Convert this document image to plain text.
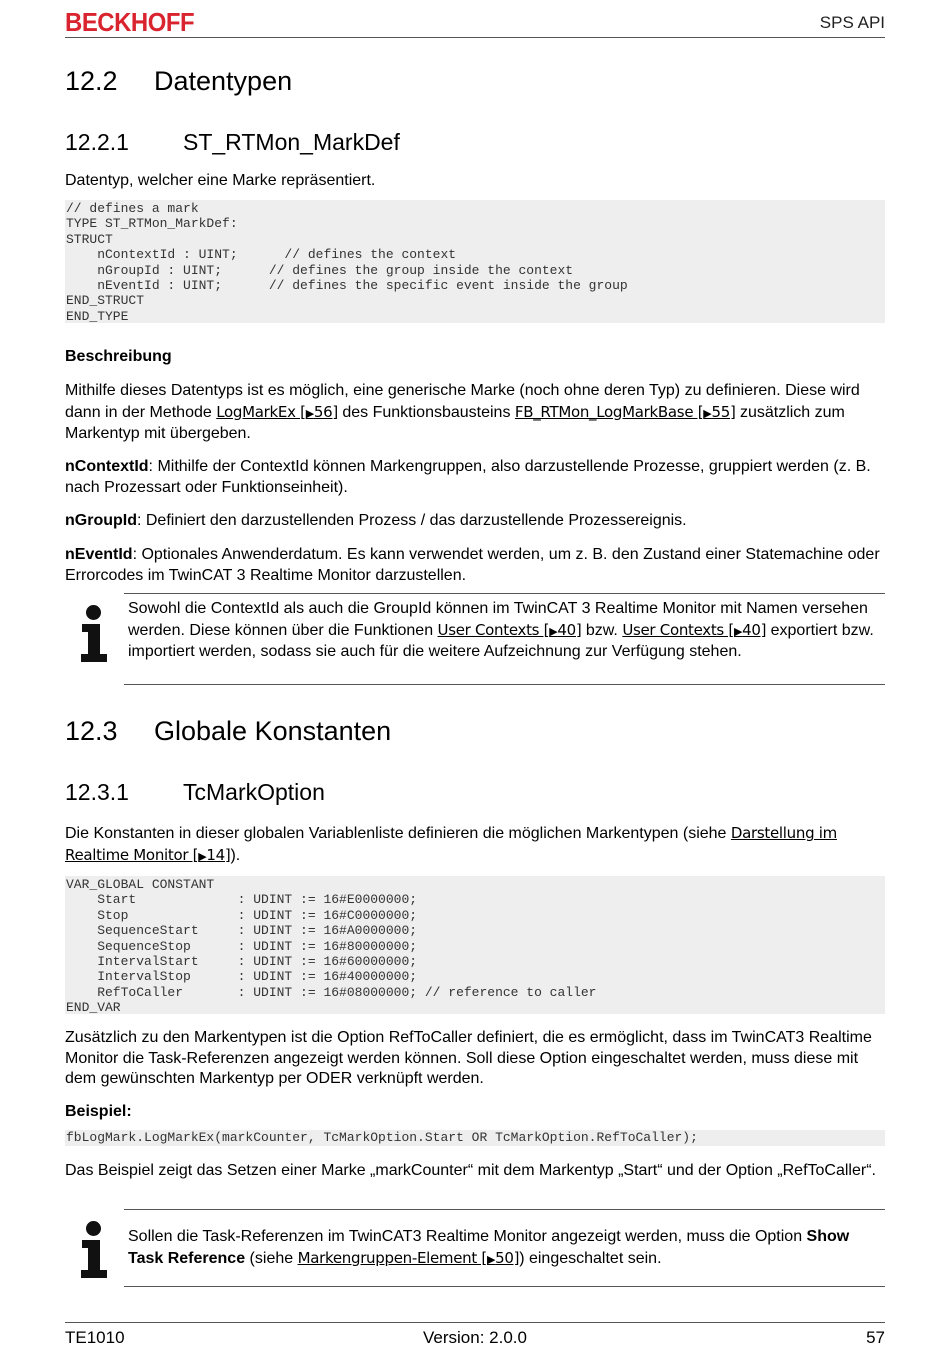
BECKHOFF	SPS API
12.2 Datentypen
12.2.1 ST_RTMon_MarkDef
Datentyp, welcher eine Marke repräsentiert.
// defines a mark
TYPE ST_RTMon_MarkDef:
STRUCT
nContextId : UINT;      // defines the context
nGroupId : UINT;      // defines the group inside the context
nEventId : UINT;      // defines the specific event inside the group
END_STRUCT
END_TYPE
Beschreibung
Mithilfe dieses Datentyps ist es möglich, eine generische Marke (noch ohne deren Typ) zu definieren. Diese wird dann in der Methode LogMarkEx [▶56] des Funktionsbausteins FB_RTMon_LogMarkBase [▶55] zusätzlich zum Markentyp mit übergeben.
nContextId: Mithilfe der ContextId können Markengruppen, also darzustellende Prozesse, gruppiert werden (z. B. nach Prozessart oder Funktionseinheit).
nGroupId: Definiert den darzustellenden Prozess / das darzustellende Prozessereignis.
nEventId: Optionales Anwenderdatum. Es kann verwendet werden, um z. B. den Zustand einer Statemachine oder Errorcodes im TwinCAT 3 Realtime Monitor darzustellen.
Sowohl die ContextId als auch die GroupId können im TwinCAT 3 Realtime Monitor mit Namen versehen werden. Diese können über die Funktionen User Contexts [▶40] bzw. User Contexts [▶40] exportiert bzw. importiert werden, sodass sie auch für die weitere Aufzeichnung zur Verfügung stehen.
12.3 Globale Konstanten
12.3.1 TcMarkOption
Die Konstanten in dieser globalen Variablenliste definieren die möglichen Markentypen (siehe Darstellung im Realtime Monitor [▶14]).
VAR_GLOBAL CONSTANT
Start             : UDINT := 16#E0000000;
Stop              : UDINT := 16#C0000000;
SequenceStart     : UDINT := 16#A0000000;
SequenceStop      : UDINT := 16#80000000;
IntervalStart     : UDINT := 16#60000000;
IntervalStop      : UDINT := 16#40000000;
RefToCaller       : UDINT := 16#08000000; // reference to caller
END_VAR
Zusätzlich zu den Markentypen ist die Option RefToCaller definiert, die es ermöglicht, dass im TwinCAT3 Realtime Monitor die Task-Referenzen angezeigt werden können. Soll diese Option eingeschaltet werden, muss diese mit dem gewünschten Markentyp per ODER verknüpft werden.
Beispiel:
fbLogMark.LogMarkEx(markCounter, TcMarkOption.Start OR TcMarkOption.RefToCaller);
Das Beispiel zeigt das Setzen einer Marke „markCounter“ mit dem Markentyp „Start“ und der Option „RefToCaller“.
Sollen die Task-Referenzen im TwinCAT3 Realtime Monitor angezeigt werden, muss die Option Show Task Reference (siehe Markengruppen-Element [▶50]) eingeschaltet sein.
TE1010	Version: 2.0.0	57
